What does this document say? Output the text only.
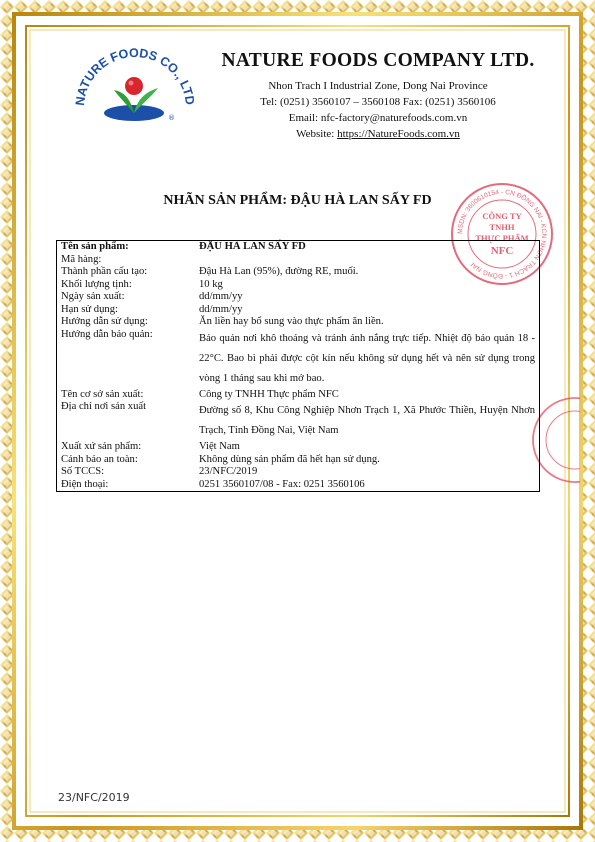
NATURE FOODS CO., LTD
®
NATURE FOODS COMPANY LTD.
Nhon Trach I Industrial Zone, Dong Nai Province
Tel: (0251) 3560107 – 3560108 Fax: (0251) 3560106
Email: nfc-factory@naturefoods.com.vn
Website: https://NatureFoods.com.vn
NHÃN SẢN PHẨM: ĐẬU HÀ LAN SẤY FD
MSDN: 3600610154 - CN ĐỒNG NAI - KCN NHƠN TRẠCH 1 - ĐỒNG NAI
CÔNG TY
TNHH
THỰC PHẨM
NFC
Tên sản phẩm:	ĐẬU HÀ LAN SẤY FD
Mã hàng:	
Thành phần cấu tạo:	Đậu Hà Lan (95%), đường RE, muối.
Khối lượng tịnh:	10 kg
Ngày sản xuất:	dd/mm/yy
Hạn sử dụng:	dd/mm/yy
Hướng dẫn sử dụng:	Ăn liền hay bổ sung vào thực phẩm ăn liền.
Hướng dẫn bảo quản:	Bảo quản nơi khô thoáng và tránh ánh nắng trực tiếp. Nhiệt độ bảo quản 18 - 22°C. Bao bì phải được cột kín nếu không sử dụng hết và nên sử dụng trong vòng 1 tháng sau khi mở bao.
Tên cơ sở sản xuất:	Công ty TNHH Thực phẩm NFC
Địa chỉ nơi sản xuất	Đường số 8, Khu Công Nghiệp Nhơn Trạch 1, Xã Phước Thiền, Huyện Nhơn Trạch, Tỉnh Đồng Nai, Việt Nam
Xuất xứ sản phẩm:	Việt Nam
Cảnh báo an toàn:	Không dùng sản phẩm đã hết hạn sử dụng.
Số TCCS:	23/NFC/2019
Điện thoại:	0251 3560107/08 - Fax: 0251 3560106
23/NFC/2019
